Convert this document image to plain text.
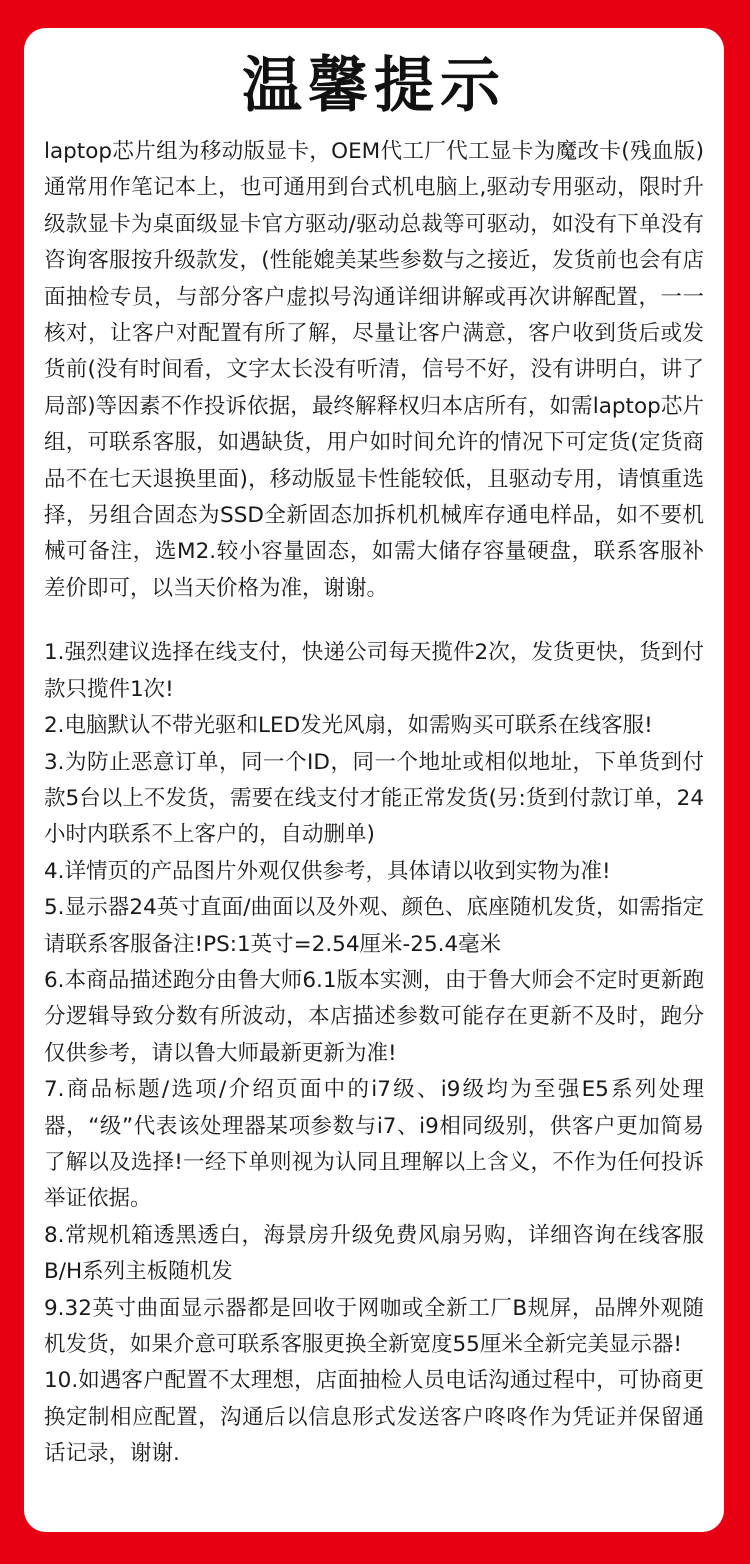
温馨提示

laptop芯片组为移动版显卡，OEM代工厂代工显卡为魔改卡(残血版)通常用作笔记本上，也可通用到台式机电脑上,驱动专用驱动，限时升级款显卡为桌面级显卡官方驱动/驱动总裁等可驱动，如没有下单没有咨询客服按升级款发，(性能媲美某些参数与之接近，发货前也会有店面抽检专员，与部分客户虚拟号沟通详细讲解或再次讲解配置，一一核对，让客户对配置有所了解，尽量让客户满意，客户收到货后或发货前(没有时间看，文字太长没有听清，信号不好，没有讲明白，讲了局部)等因素不作投诉依据，最终解释权归本店所有，如需laptop芯片组，可联系客服，如遇缺货，用户如时间允许的情况下可定货(定货商品不在七天退换里面)，移动版显卡性能较低，且驱动专用，请慎重选择，另组合固态为SSD全新固态加拆机机械库存通电样品，如不要机械可备注，选M2.较小容量固态，如需大储存容量硬盘，联系客服补差价即可，以当天价格为准，谢谢。

1.强烈建议选择在线支付，快递公司每天揽件2次，发货更快，货到付款只揽件1次!
2.电脑默认不带光驱和LED发光风扇，如需购买可联系在线客服!
3.为防止恶意订单，同一个ID，同一个地址或相似地址，下单货到付款5台以上不发货，需要在线支付才能正常发货(另:货到付款订单，24小时内联系不上客户的，自动删单)
4.详情页的产品图片外观仅供参考，具体请以收到实物为准!
5.显示器24英寸直面/曲面以及外观、颜色、底座随机发货，如需指定请联系客服备注!PS:1英寸=2.54厘米-25.4毫米
6.本商品描述跑分由鲁大师6.1版本实测，由于鲁大师会不定时更新跑分逻辑导致分数有所波动，本店描述参数可能存在更新不及时，跑分仅供参考，请以鲁大师最新更新为准!
7.商品标题/选项/介绍页面中的i7级、i9级均为至强E5系列处理器，“级”代表该处理器某项参数与i7、i9相同级别，供客户更加简易了解以及选择!一经下单则视为认同且理解以上含义，不作为任何投诉举证依据。
8.常规机箱透黑透白，海景房升级免费风扇另购，详细咨询在线客服B/H系列主板随机发
9.32英寸曲面显示器都是回收于网咖或全新工厂B规屏，品牌外观随机发货，如果介意可联系客服更换全新宽度55厘米全新完美显示器!
10.如遇客户配置不太理想，店面抽检人员电话沟通过程中，可协商更换定制相应配置，沟通后以信息形式发送客户咚咚作为凭证并保留通话记录，谢谢.
